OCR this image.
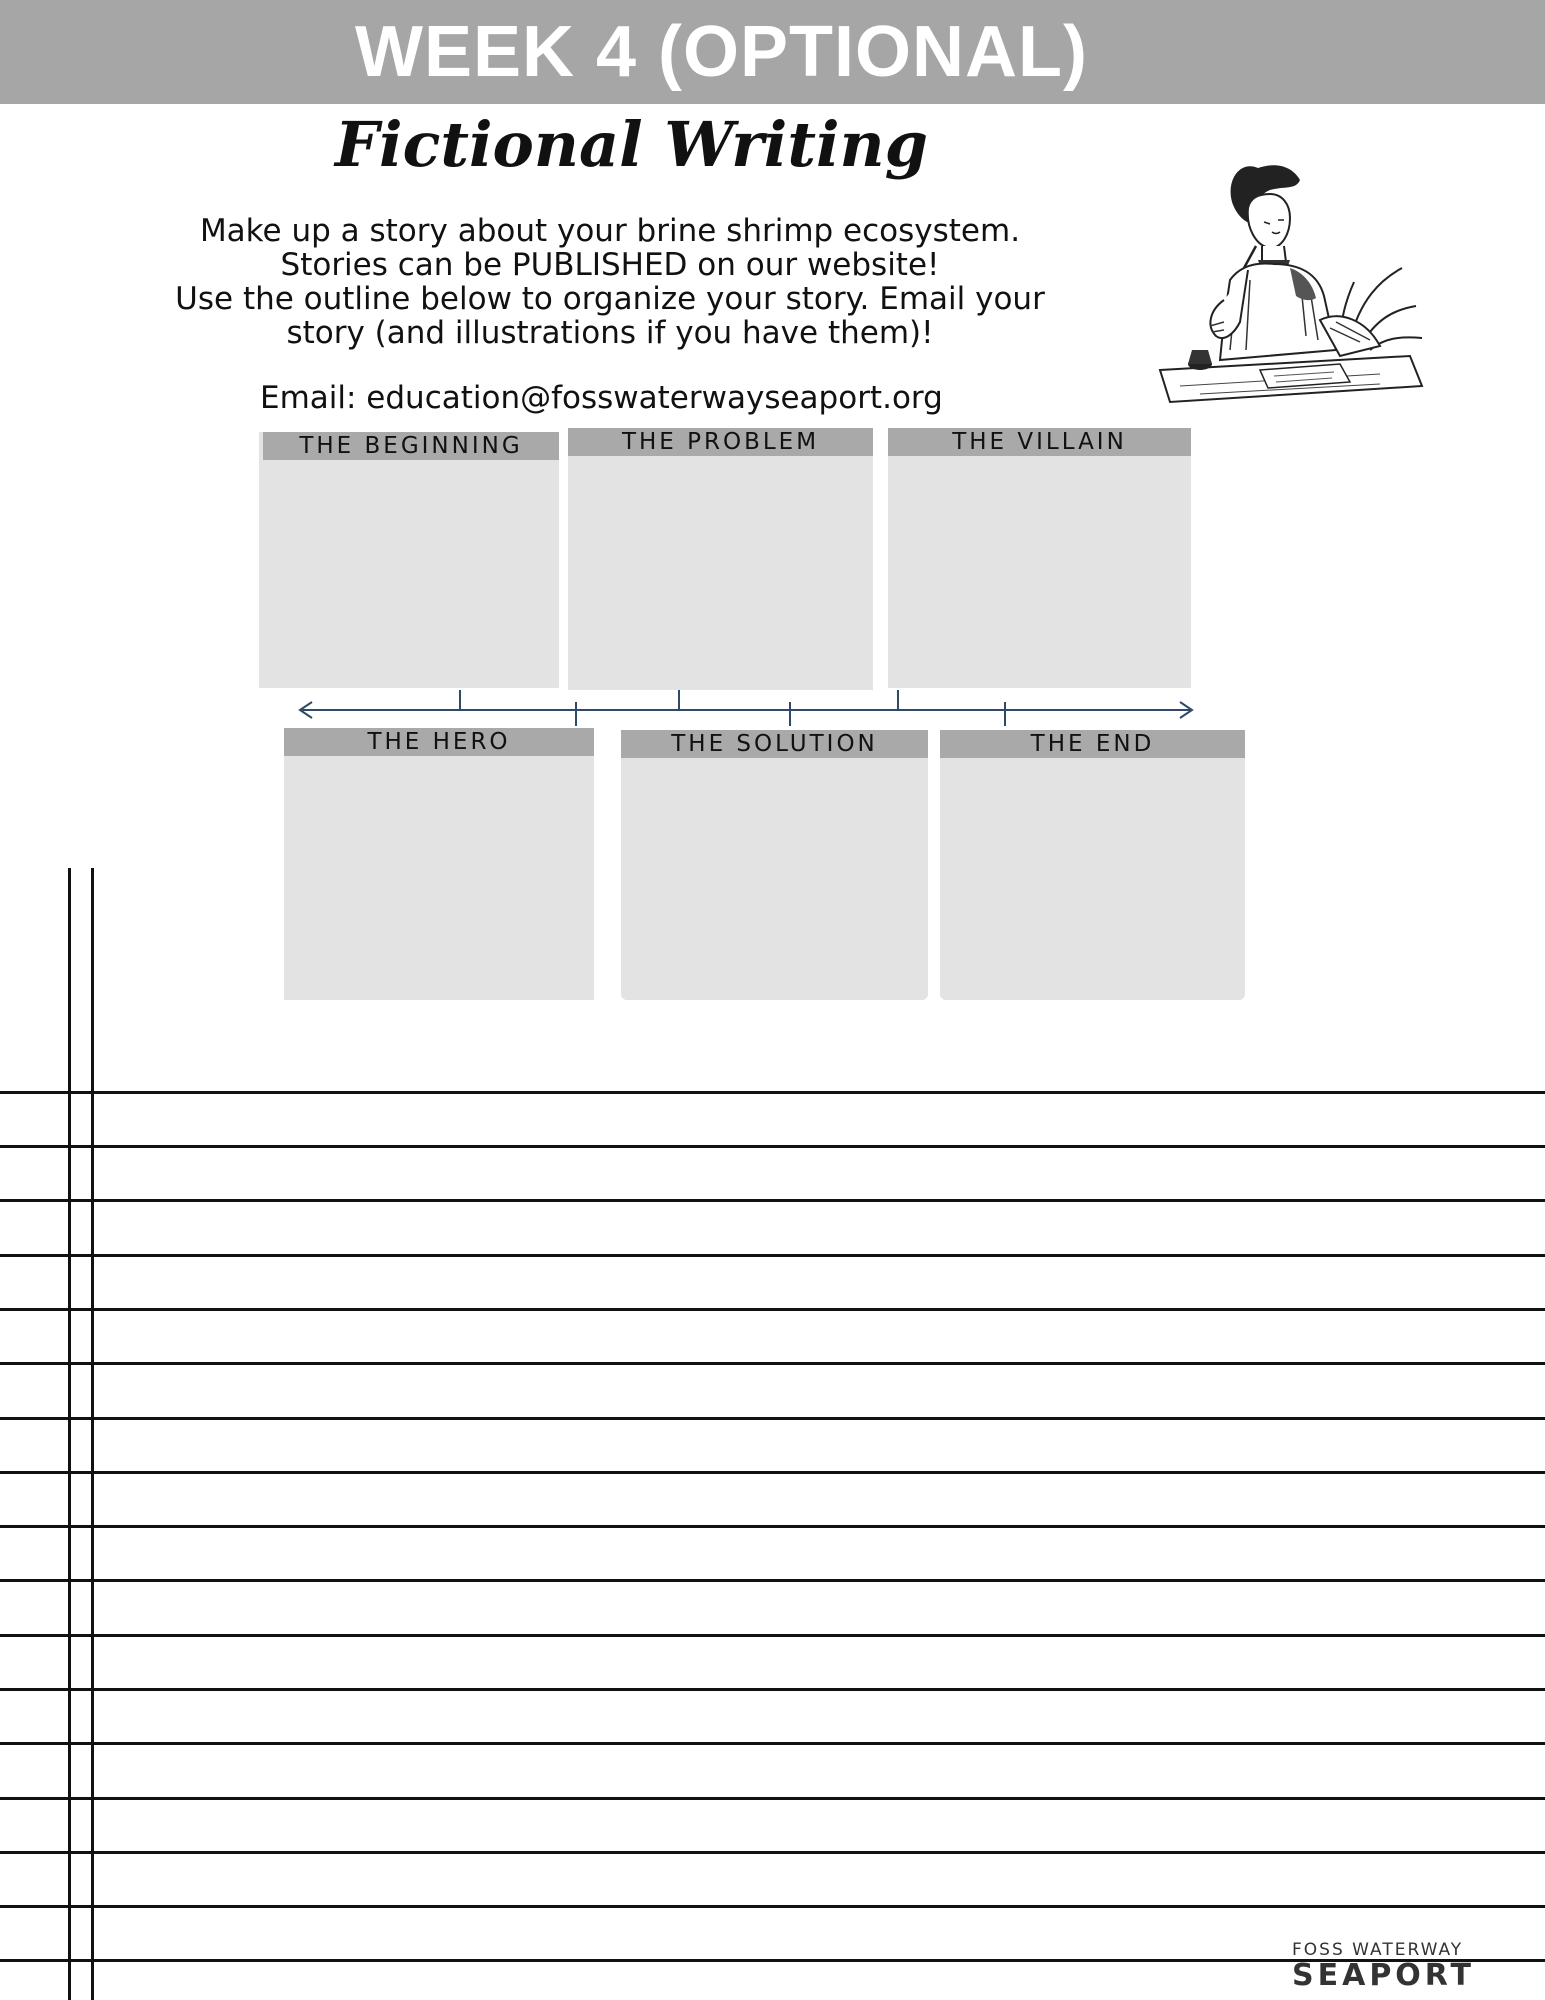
WEEK 4 (OPTIONAL)
Fictional Writing

Make up a story about your brine shrimp ecosystem.

Stories can be PUBLISHED on our website!

Use the outline below to organize your story. Email your

story (and illustrations if you have them)!

Email: education@fosswaterwayseaport.org
THE BEGINNING	THE PROBLEM	THE VILLAIN
THE HERO	THE SOLUTION	THE END
FOSS WATERWAY
SEAPORT
